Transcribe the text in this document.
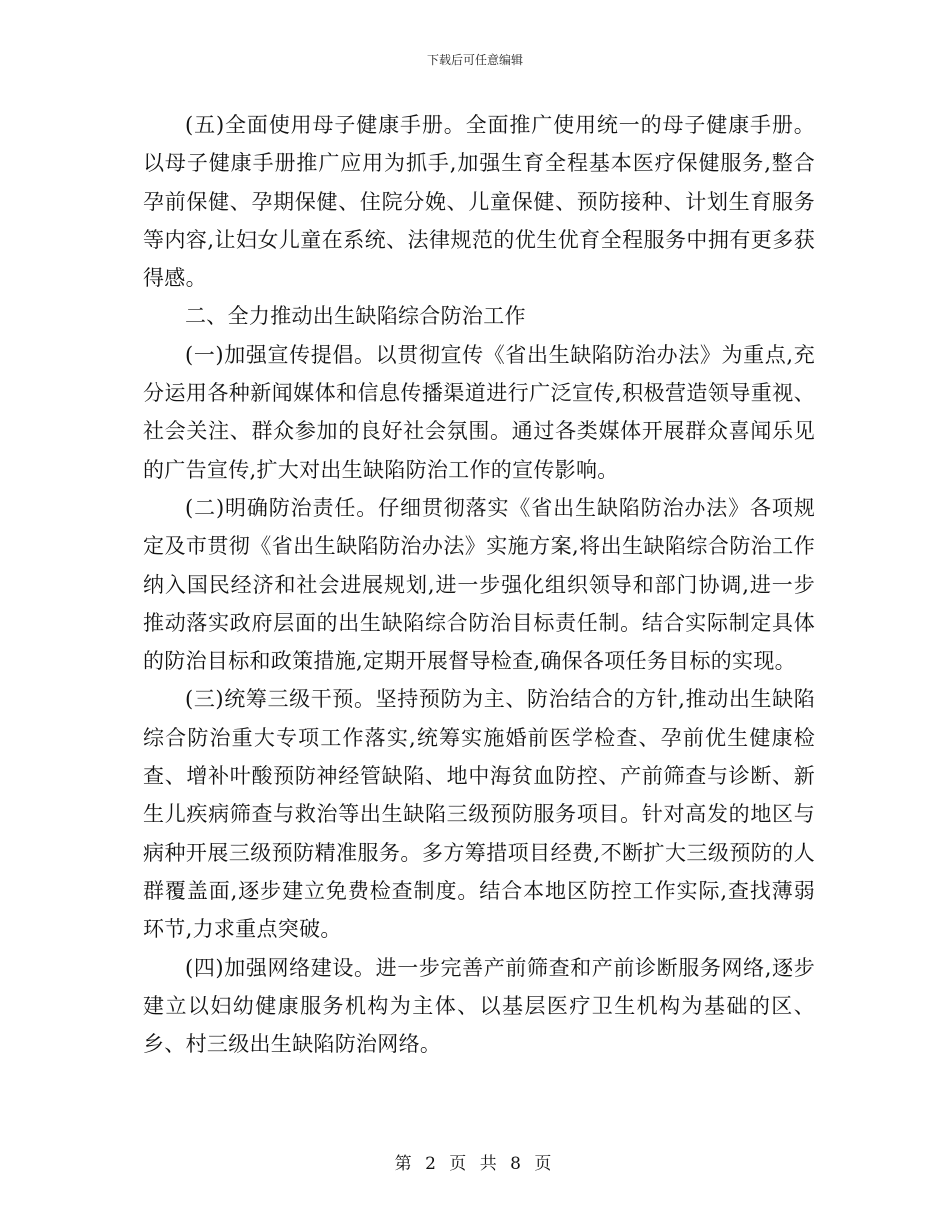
下载后可任意编辑

(五)全面使用母子健康手册。全面推广使用统一的母子健康手册。以母子健康手册推广应用为抓手,加强生育全程基本医疗保健服务,整合孕前保健、孕期保健、住院分娩、儿童保健、预防接种、计划生育服务等内容,让妇女儿童在系统、法律规范的优生优育全程服务中拥有更多获得感。

二、全力推动出生缺陷综合防治工作

(一)加强宣传提倡。以贯彻宣传《省出生缺陷防治办法》为重点,充分运用各种新闻媒体和信息传播渠道进行广泛宣传,积极营造领导重视、社会关注、群众参加的良好社会氛围。通过各类媒体开展群众喜闻乐见的广告宣传,扩大对出生缺陷防治工作的宣传影响。

(二)明确防治责任。仔细贯彻落实《省出生缺陷防治办法》各项规定及市贯彻《省出生缺陷防治办法》实施方案,将出生缺陷综合防治工作纳入国民经济和社会进展规划,进一步强化组织领导和部门协调,进一步推动落实政府层面的出生缺陷综合防治目标责任制。结合实际制定具体的防治目标和政策措施,定期开展督导检查,确保各项任务目标的实现。

(三)统筹三级干预。坚持预防为主、防治结合的方针,推动出生缺陷综合防治重大专项工作落实,统筹实施婚前医学检查、孕前优生健康检查、增补叶酸预防神经管缺陷、地中海贫血防控、产前筛查与诊断、新生儿疾病筛查与救治等出生缺陷三级预防服务项目。针对高发的地区与病种开展三级预防精准服务。多方筹措项目经费,不断扩大三级预防的人群覆盖面,逐步建立免费检查制度。结合本地区防控工作实际,查找薄弱环节,力求重点突破。

(四)加强网络建设。进一步完善产前筛查和产前诊断服务网络,逐步建立以妇幼健康服务机构为主体、以基层医疗卫生机构为基础的区、乡、村三级出生缺陷防治网络。

第 2 页 共 8 页
